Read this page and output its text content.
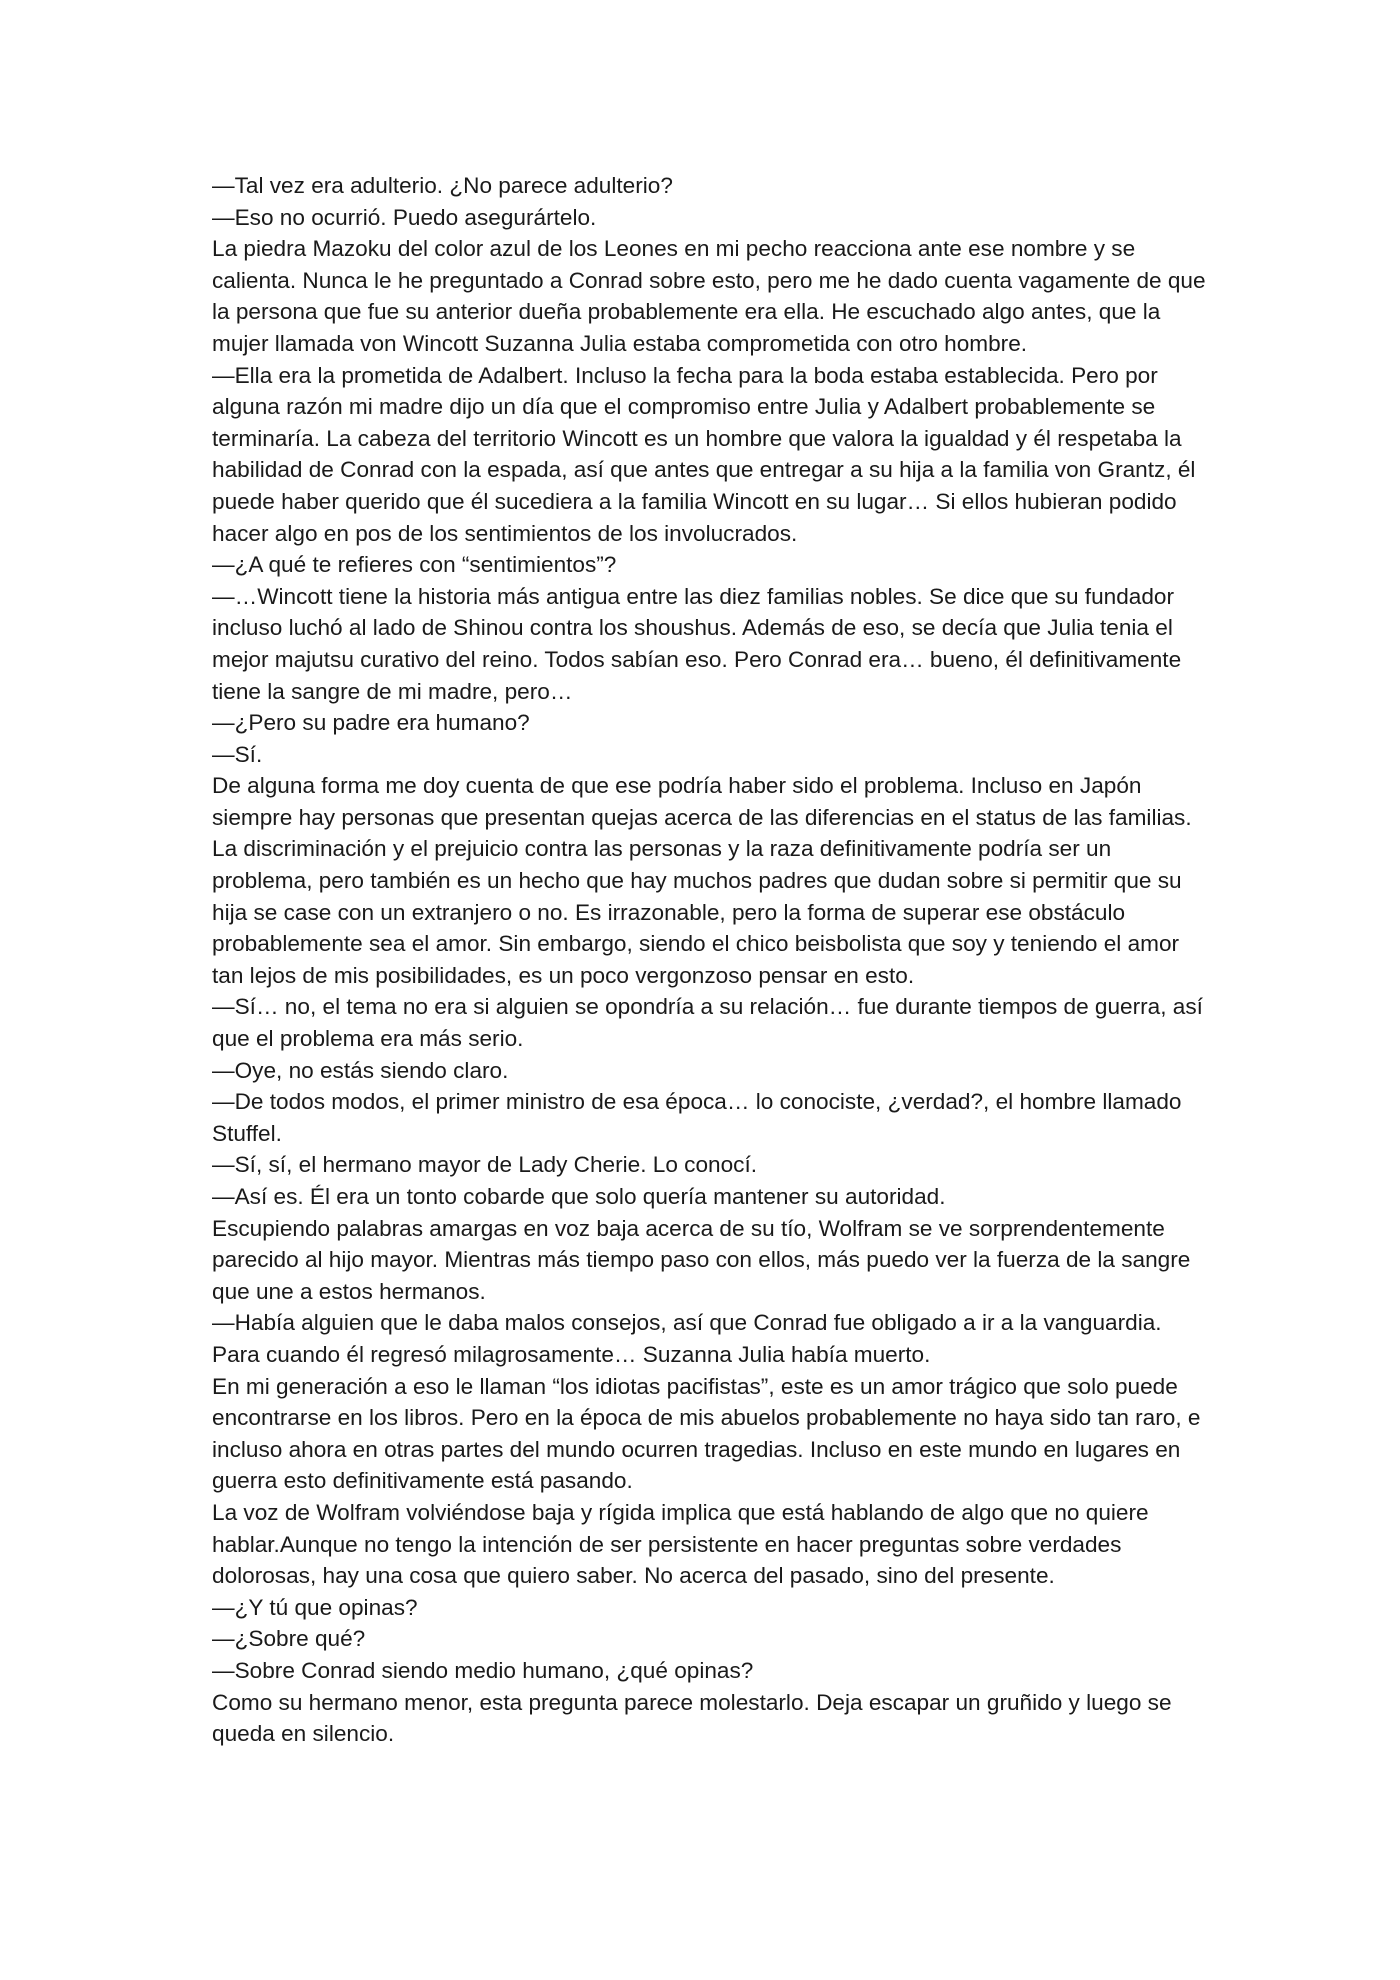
—Tal vez era adulterio. ¿No parece adulterio?

—Eso no ocurrió. Puedo asegurártelo.

La piedra Mazoku del color azul de los Leones en mi pecho reacciona ante ese nombre y se calienta. Nunca le he preguntado a Conrad sobre esto, pero me he dado cuenta vagamente de que la persona que fue su anterior dueña probablemente era ella. He escuchado algo antes, que la mujer llamada von Wincott Suzanna Julia estaba comprometida con otro hombre.

—Ella era la prometida de Adalbert. Incluso la fecha para la boda estaba establecida. Pero por alguna razón mi madre dijo un día que el compromiso entre Julia y Adalbert probablemente se terminaría. La cabeza del territorio Wincott es un hombre que valora la igualdad y él respetaba la habilidad de Conrad con la espada, así que antes que entregar a su hija a la familia von Grantz, él puede haber querido que él sucediera a la familia Wincott en su lugar… Si ellos hubieran podido hacer algo en pos de los sentimientos de los involucrados.

—¿A qué te refieres con “sentimientos”?

—…Wincott tiene la historia más antigua entre las diez familias nobles. Se dice que su fundador incluso luchó al lado de Shinou contra los shoushus. Además de eso, se decía que Julia tenia el mejor majutsu curativo del reino. Todos sabían eso. Pero Conrad era… bueno, él definitivamente tiene la sangre de mi madre, pero…

—¿Pero su padre era humano?

—Sí.

De alguna forma me doy cuenta de que ese podría haber sido el problema. Incluso en Japón siempre hay personas que presentan quejas acerca de las diferencias en el status de las familias. La discriminación y el prejuicio contra las personas y la raza definitivamente podría ser un problema, pero también es un hecho que hay muchos padres que dudan sobre si permitir que su hija se case con un extranjero o no. Es irrazonable, pero la forma de superar ese obstáculo probablemente sea el amor. Sin embargo, siendo el chico beisbolista que soy y teniendo el amor tan lejos de mis posibilidades, es un poco vergonzoso pensar en esto.

—Sí… no, el tema no era si alguien se opondría a su relación… fue durante tiempos de guerra, así que el problema era más serio.

—Oye, no estás siendo claro.

—De todos modos, el primer ministro de esa época… lo conociste, ¿verdad?, el hombre llamado Stuffel.

—Sí, sí, el hermano mayor de Lady Cherie. Lo conocí.

—Así es. Él era un tonto cobarde que solo quería mantener su autoridad.

Escupiendo palabras amargas en voz baja acerca de su tío, Wolfram se ve sorprendentemente parecido al hijo mayor. Mientras más tiempo paso con ellos, más puedo ver la fuerza de la sangre que une a estos hermanos.

—Había alguien que le daba malos consejos, así que Conrad fue obligado a ir a la vanguardia. Para cuando él regresó milagrosamente… Suzanna Julia había muerto.

En mi generación a eso le llaman “los idiotas pacifistas”, este es un amor trágico que solo puede encontrarse en los libros. Pero en la época de mis abuelos probablemente no haya sido tan raro, e incluso ahora en otras partes del mundo ocurren tragedias. Incluso en este mundo en lugares en guerra esto definitivamente está pasando.

La voz de Wolfram volviéndose baja y rígida implica que está hablando de algo que no quiere hablar.Aunque no tengo la intención de ser persistente en hacer preguntas sobre verdades dolorosas, hay una cosa que quiero saber. No acerca del pasado, sino del presente.

—¿Y tú que opinas?

—¿Sobre qué?

—Sobre Conrad siendo medio humano, ¿qué opinas?

Como su hermano menor, esta pregunta parece molestarlo. Deja escapar un gruñido y luego se queda en silencio.
